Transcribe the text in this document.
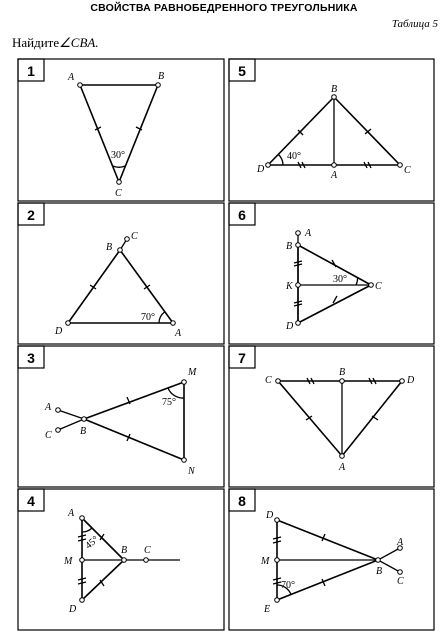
СВОЙСТВА РАВНОБЕДРЕННОГО ТРЕУГОЛЬНИКА
Таблица 5
Найдите∠CBA.
1	5
2	6
3	7
4	8
A	B
C
30°
B
D
A	C
40°
B
C
D	A
70°
A
B
K
D
C
30°
M
A
C	B
N
75°
C
B
D
A
A
M
D
B C
45°
D
M
E
B
A
C
70°
